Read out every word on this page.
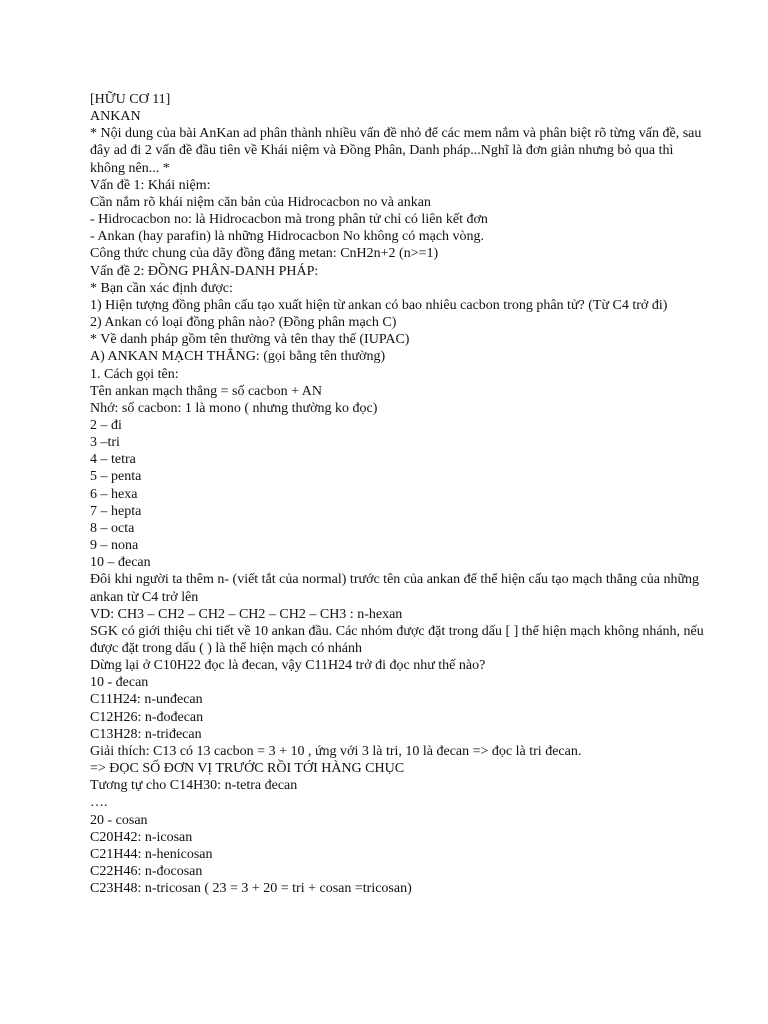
[HỮU CƠ 11]

ANKAN

* Nội dung của bài AnKan ad phân thành nhiều vấn đề nhỏ để các mem nắm và phân biệt rõ từng vấn đề, sau đây ad đi 2 vấn đề đầu tiên về Khái niệm và Đồng Phân, Danh pháp...Nghĩ là đơn giản nhưng bỏ qua thì không nên... *

Vấn đề 1: Khái niệm:

Cần nắm rõ khái niệm căn bản của Hidrocacbon no và ankan

- Hidrocacbon no: là Hidrocacbon mà trong phân tử chỉ có liên kết đơn

- Ankan (hay parafin) là những Hidrocacbon No không có mạch vòng.

Công thức chung của dãy đồng đẳng metan: CnH2n+2 (n>=1)

Vấn đề 2: ĐỒNG PHÂN-DANH PHÁP:

* Bạn cần xác định được:

1) Hiện tượng đồng phân cấu tạo xuất hiện từ ankan có bao nhiêu cacbon trong phân tử? (Từ C4 trở đi)

2) Ankan có loại đồng phân nào? (Đồng phân mạch C)

* Về danh pháp gồm tên thường và tên thay thế (IUPAC)

A) ANKAN MẠCH THẲNG: (gọi bằng tên thường)

1. Cách gọi tên:

Tên ankan mạch thẳng = số cacbon + AN

Nhớ: số cacbon: 1 là mono ( nhưng thường ko đọc)

2 – đi

3 –tri

4 – tetra

5 – penta

6 – hexa

7 – hepta

8 – octa

9 – nona

10 – đecan

Đôi khi người ta thêm n- (viết tắt của normal) trước tên của ankan để thể hiện cấu tạo mạch thẳng của những ankan từ C4 trở lên

VD: CH3 – CH2 – CH2 – CH2 – CH2 – CH3 : n-hexan

SGK có giới thiệu chi tiết về 10 ankan đầu. Các nhóm được đặt trong dấu [ ] thể hiện mạch không nhánh, nếu được đặt trong dấu ( ) là thể hiện mạch có nhánh

Dừng lại ở C10H22 đọc là đecan, vậy C11H24 trở đi đọc như thế nào?

10 - đecan

C11H24: n-unđecan

C12H26: n-đođecan

C13H28: n-triđecan

Giải thích: C13 có 13 cacbon = 3 + 10 , ứng với 3 là tri, 10 là đecan => đọc là tri đecan.

=> ĐỌC SỐ ĐƠN VỊ TRƯỚC RỒI TỚI HÀNG CHỤC

Tương tự cho C14H30: n-tetra đecan

….

20 - cosan

C20H42: n-icosan

C21H44: n-henicosan

C22H46: n-đocosan

C23H48: n-tricosan ( 23 = 3 + 20 = tri + cosan =tricosan)
